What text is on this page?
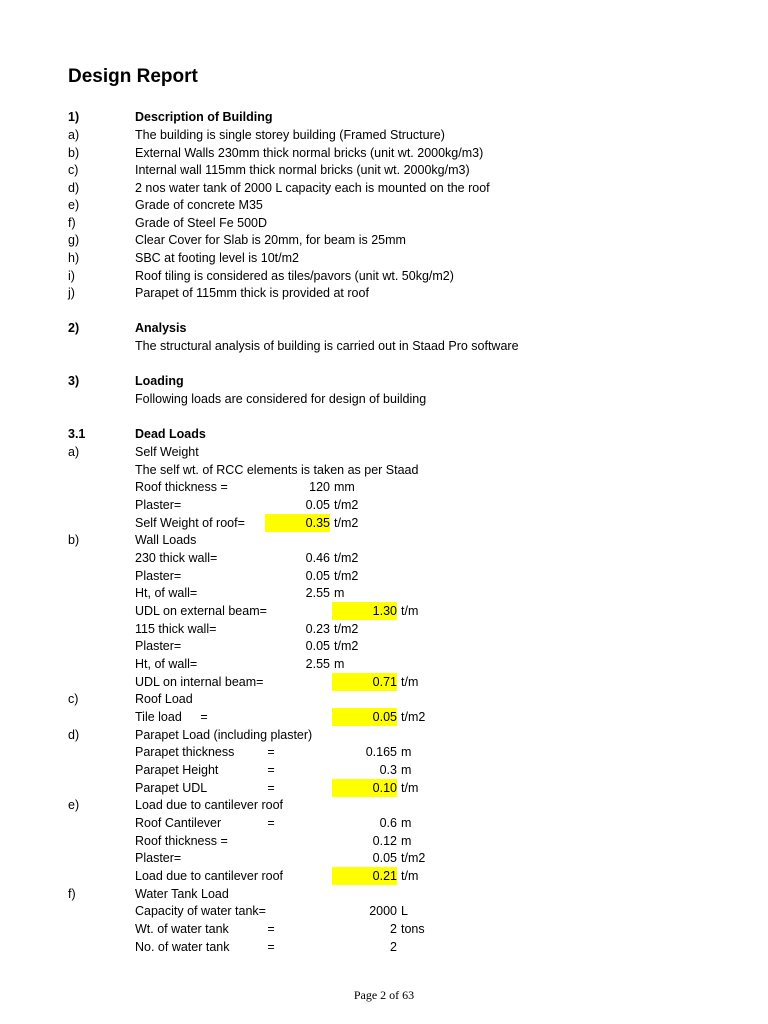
Design Report
1)	Description of Building
a)	The building is single storey building (Framed Structure)
b)	External Walls 230mm thick normal bricks (unit wt. 2000kg/m3)
c)	Internal wall 115mm thick normal bricks (unit wt. 2000kg/m3)
d)	2 nos water tank of 2000 L capacity each is mounted on the roof
e)	Grade of concrete M35
f)	Grade of Steel Fe 500D
g)	Clear Cover for Slab is 20mm, for beam is 25mm
h)	SBC at footing level is 10t/m2
i)	Roof tiling is considered as tiles/pavors (unit wt. 50kg/m2)
j)	Parapet of 115mm thick is provided at roof
2)	Analysis
The structural analysis of building is carried out in Staad Pro software
3)	Loading
Following loads are considered for design of building
3.1	Dead Loads
a)	Self Weight
The self wt. of RCC elements is taken as per Staad
Roof thickness =	120 mm
Plaster=	0.05 t/m2
Self Weight of roof=	0.35 t/m2
b)	Wall Loads
230 thick wall=	0.46 t/m2
Plaster=	0.05 t/m2
Ht, of wall=	2.55 m
UDL on external beam=	1.30 t/m
115 thick wall=	0.23 t/m2
Plaster=	0.05 t/m2
Ht, of wall=	2.55 m
UDL on internal beam=	0.71 t/m
c)	Roof Load
Tile load =	0.05 t/m2
d)	Parapet Load (including plaster)
Parapet thickness	=	0.165 m
Parapet Height	=	0.3 m
Parapet UDL	=	0.10 t/m
e)	Load due to cantilever roof
Roof Cantilever	=	0.6 m
Roof thickness =	0.12 m
Plaster=	0.05 t/m2
Load due to cantilever roof	0.21 t/m
f)	Water Tank Load
Capacity of water tank=	2000 L
Wt. of water tank	=	2 tons
No. of water tank	=	2
Page 2 of 63
